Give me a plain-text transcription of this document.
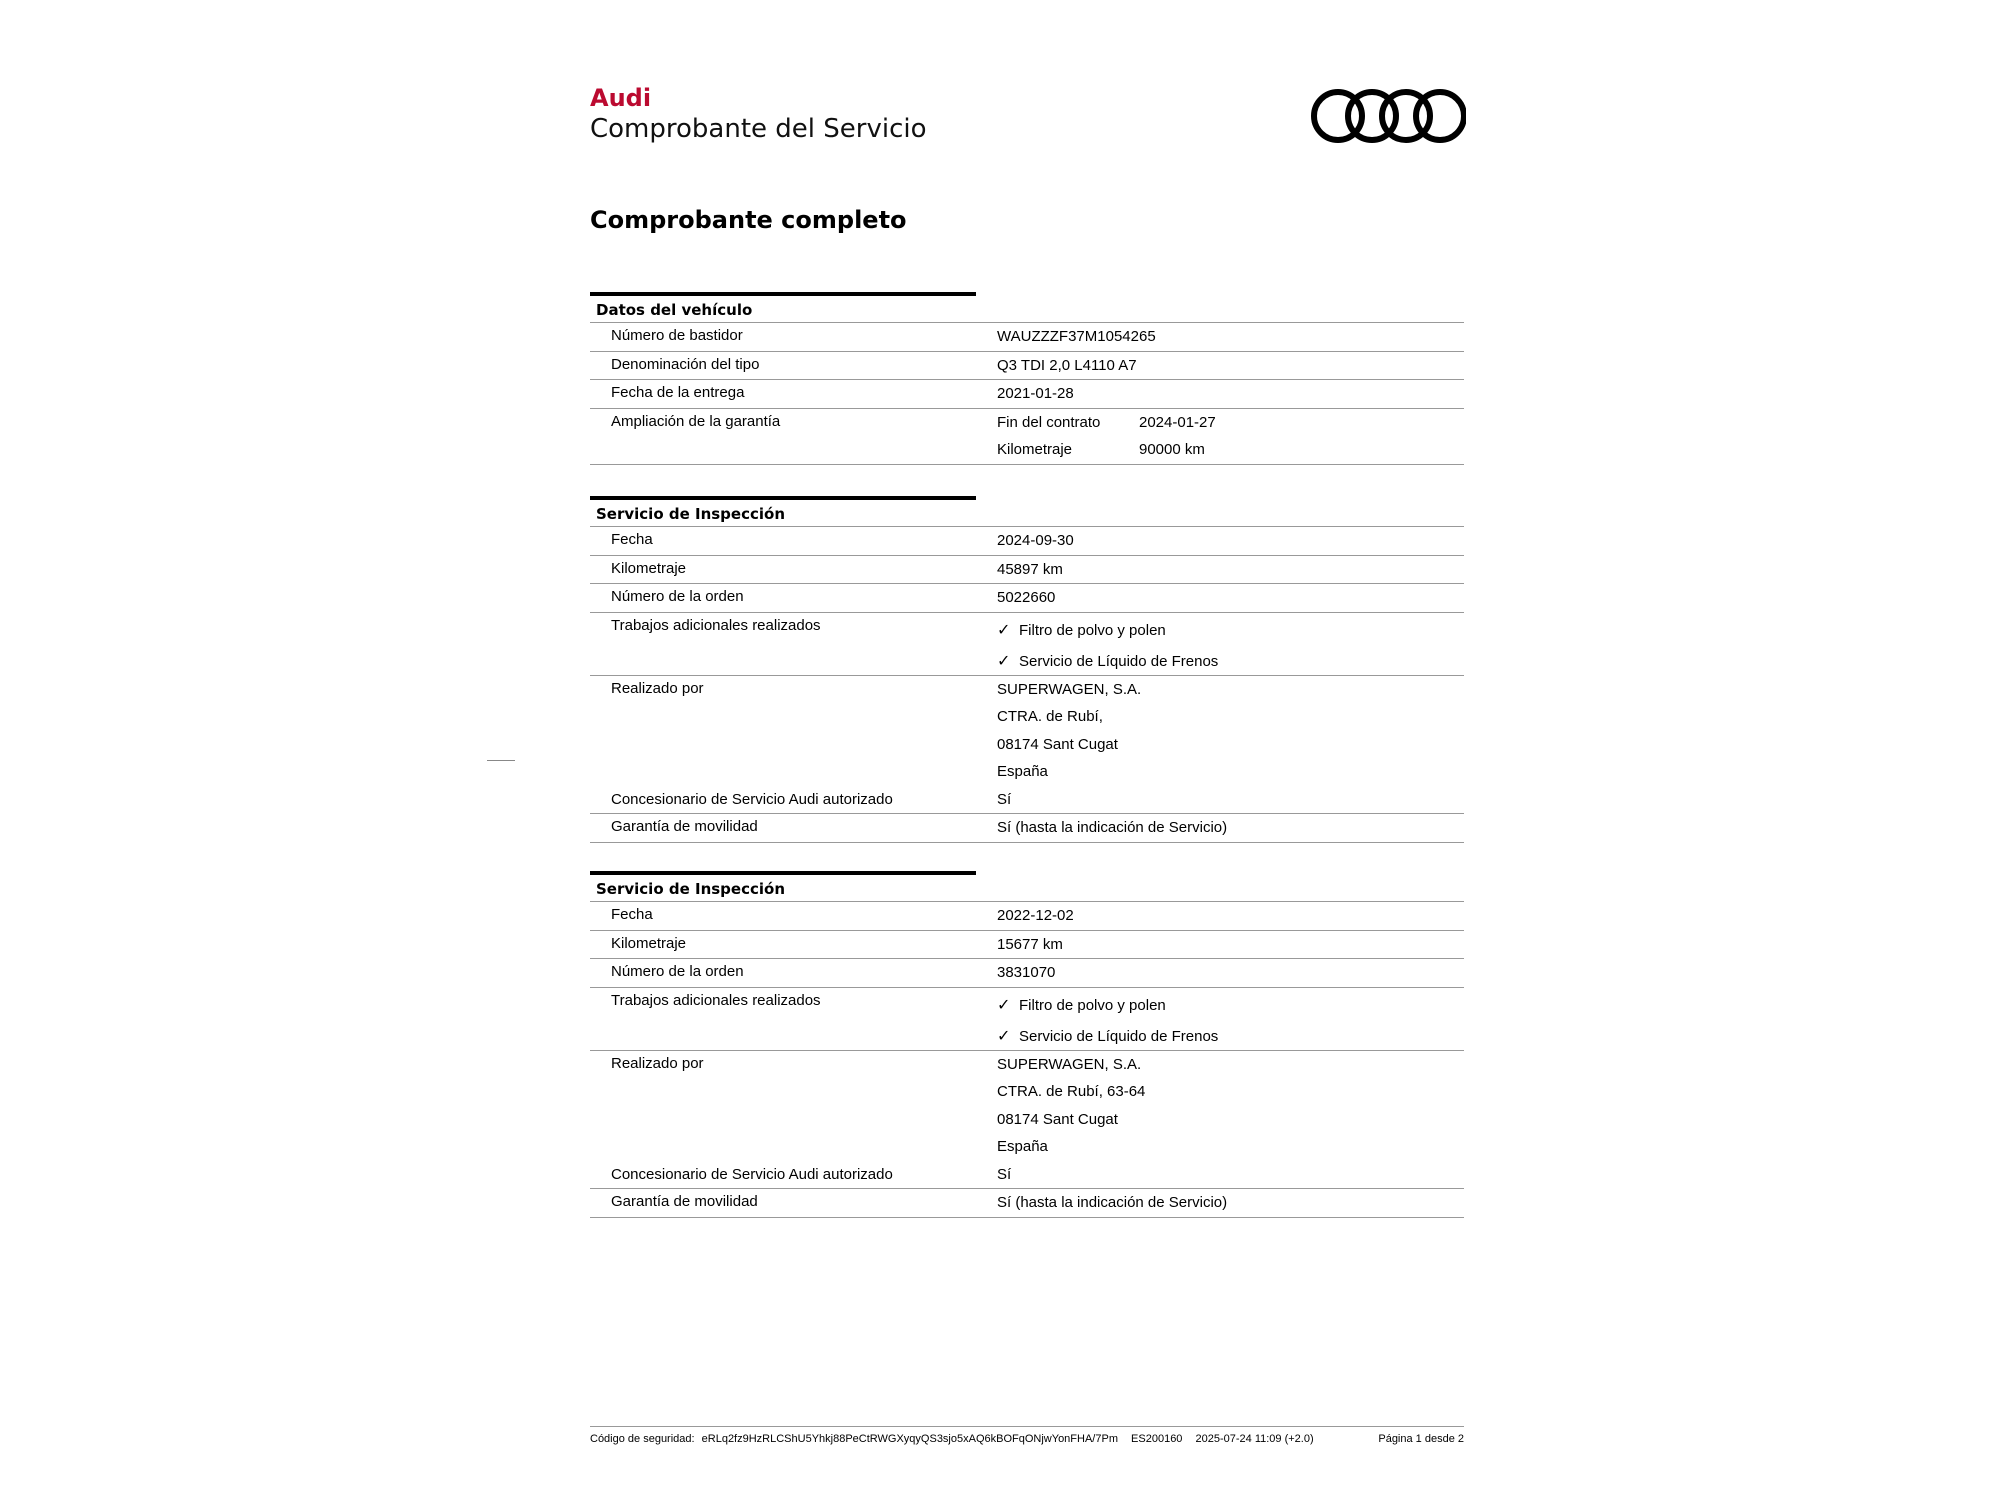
Audi
Comprobante del Servicio
Comprobante completo
Datos del vehículo
Número de bastidor	WAUZZZF37M1054265
Denominación del tipo	Q3 TDI 2,0 L4110 A7
Fecha de la entrega	2021-01-28
Ampliación de la garantía	Fin del contrato	2024-01-27
Kilometraje	90000 km
Servicio de Inspección
Fecha	2024-09-30
Kilometraje	45897 km
Número de la orden	5022660
Trabajos adicionales realizados	✓ Filtro de polvo y polen
✓ Servicio de Líquido de Frenos
Realizado por	SUPERWAGEN, S.A.
CTRA. de Rubí,
08174 Sant Cugat
España
Concesionario de Servicio Audi autorizado	Sí
Garantía de movilidad	Sí (hasta la indicación de Servicio)
Servicio de Inspección
Fecha	2022-12-02
Kilometraje	15677 km
Número de la orden	3831070
Trabajos adicionales realizados	✓ Filtro de polvo y polen
✓ Servicio de Líquido de Frenos
Realizado por	SUPERWAGEN, S.A.
CTRA. de Rubí, 63-64
08174 Sant Cugat
España
Concesionario de Servicio Audi autorizado	Sí
Garantía de movilidad	Sí (hasta la indicación de Servicio)
Código de seguridad: eRLq2fz9HzRLCShU5Yhkj88PeCtRWGXyqyQS3sjo5xAQ6kBOFqONjwYonFHA/7Pm ES200160 2025-07-24 11:09 (+2.0)	Página 1 desde 2
